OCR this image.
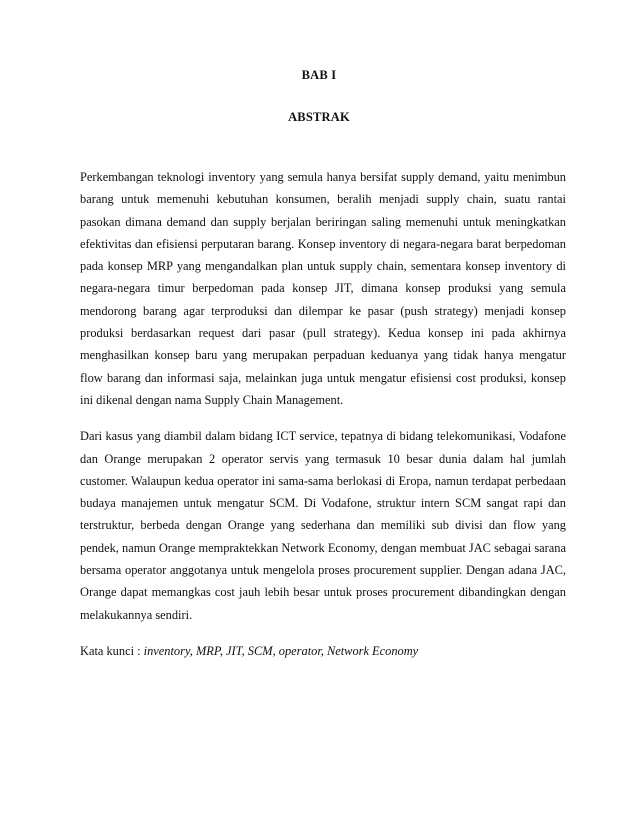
BAB I
ABSTRAK

Perkembangan teknologi inventory yang semula hanya bersifat supply demand, yaitu menimbun barang untuk memenuhi kebutuhan konsumen, beralih menjadi supply chain, suatu rantai pasokan dimana demand dan supply berjalan beriringan saling memenuhi untuk meningkatkan efektivitas dan efisiensi perputaran barang. Konsep inventory di negara-negara barat berpedoman pada konsep MRP yang mengandalkan plan untuk supply chain, sementara konsep inventory di negara-negara timur berpedoman pada konsep JIT, dimana konsep produksi yang semula mendorong barang agar terproduksi dan dilempar ke pasar (push strategy) menjadi konsep produksi berdasarkan request dari pasar (pull strategy). Kedua konsep ini pada akhirnya menghasilkan konsep baru yang merupakan perpaduan keduanya yang tidak hanya mengatur flow barang dan informasi saja, melainkan juga untuk mengatur efisiensi cost produksi, konsep ini dikenal dengan nama Supply Chain Management.

Dari kasus yang diambil dalam bidang ICT service, tepatnya di bidang telekomunikasi, Vodafone dan Orange merupakan 2 operator servis yang termasuk 10 besar dunia dalam hal jumlah customer. Walaupun kedua operator ini sama-sama berlokasi di Eropa, namun terdapat perbedaan budaya manajemen untuk mengatur SCM. Di Vodafone, struktur intern SCM sangat rapi dan terstruktur, berbeda dengan Orange yang sederhana dan memiliki sub divisi dan flow yang pendek, namun Orange mempraktekkan Network Economy, dengan membuat JAC sebagai sarana bersama operator anggotanya untuk mengelola proses procurement supplier. Dengan adana JAC, Orange dapat memangkas cost jauh lebih besar untuk proses procurement dibandingkan dengan melakukannya sendiri.

Kata kunci : inventory, MRP, JIT, SCM, operator, Network Economy
